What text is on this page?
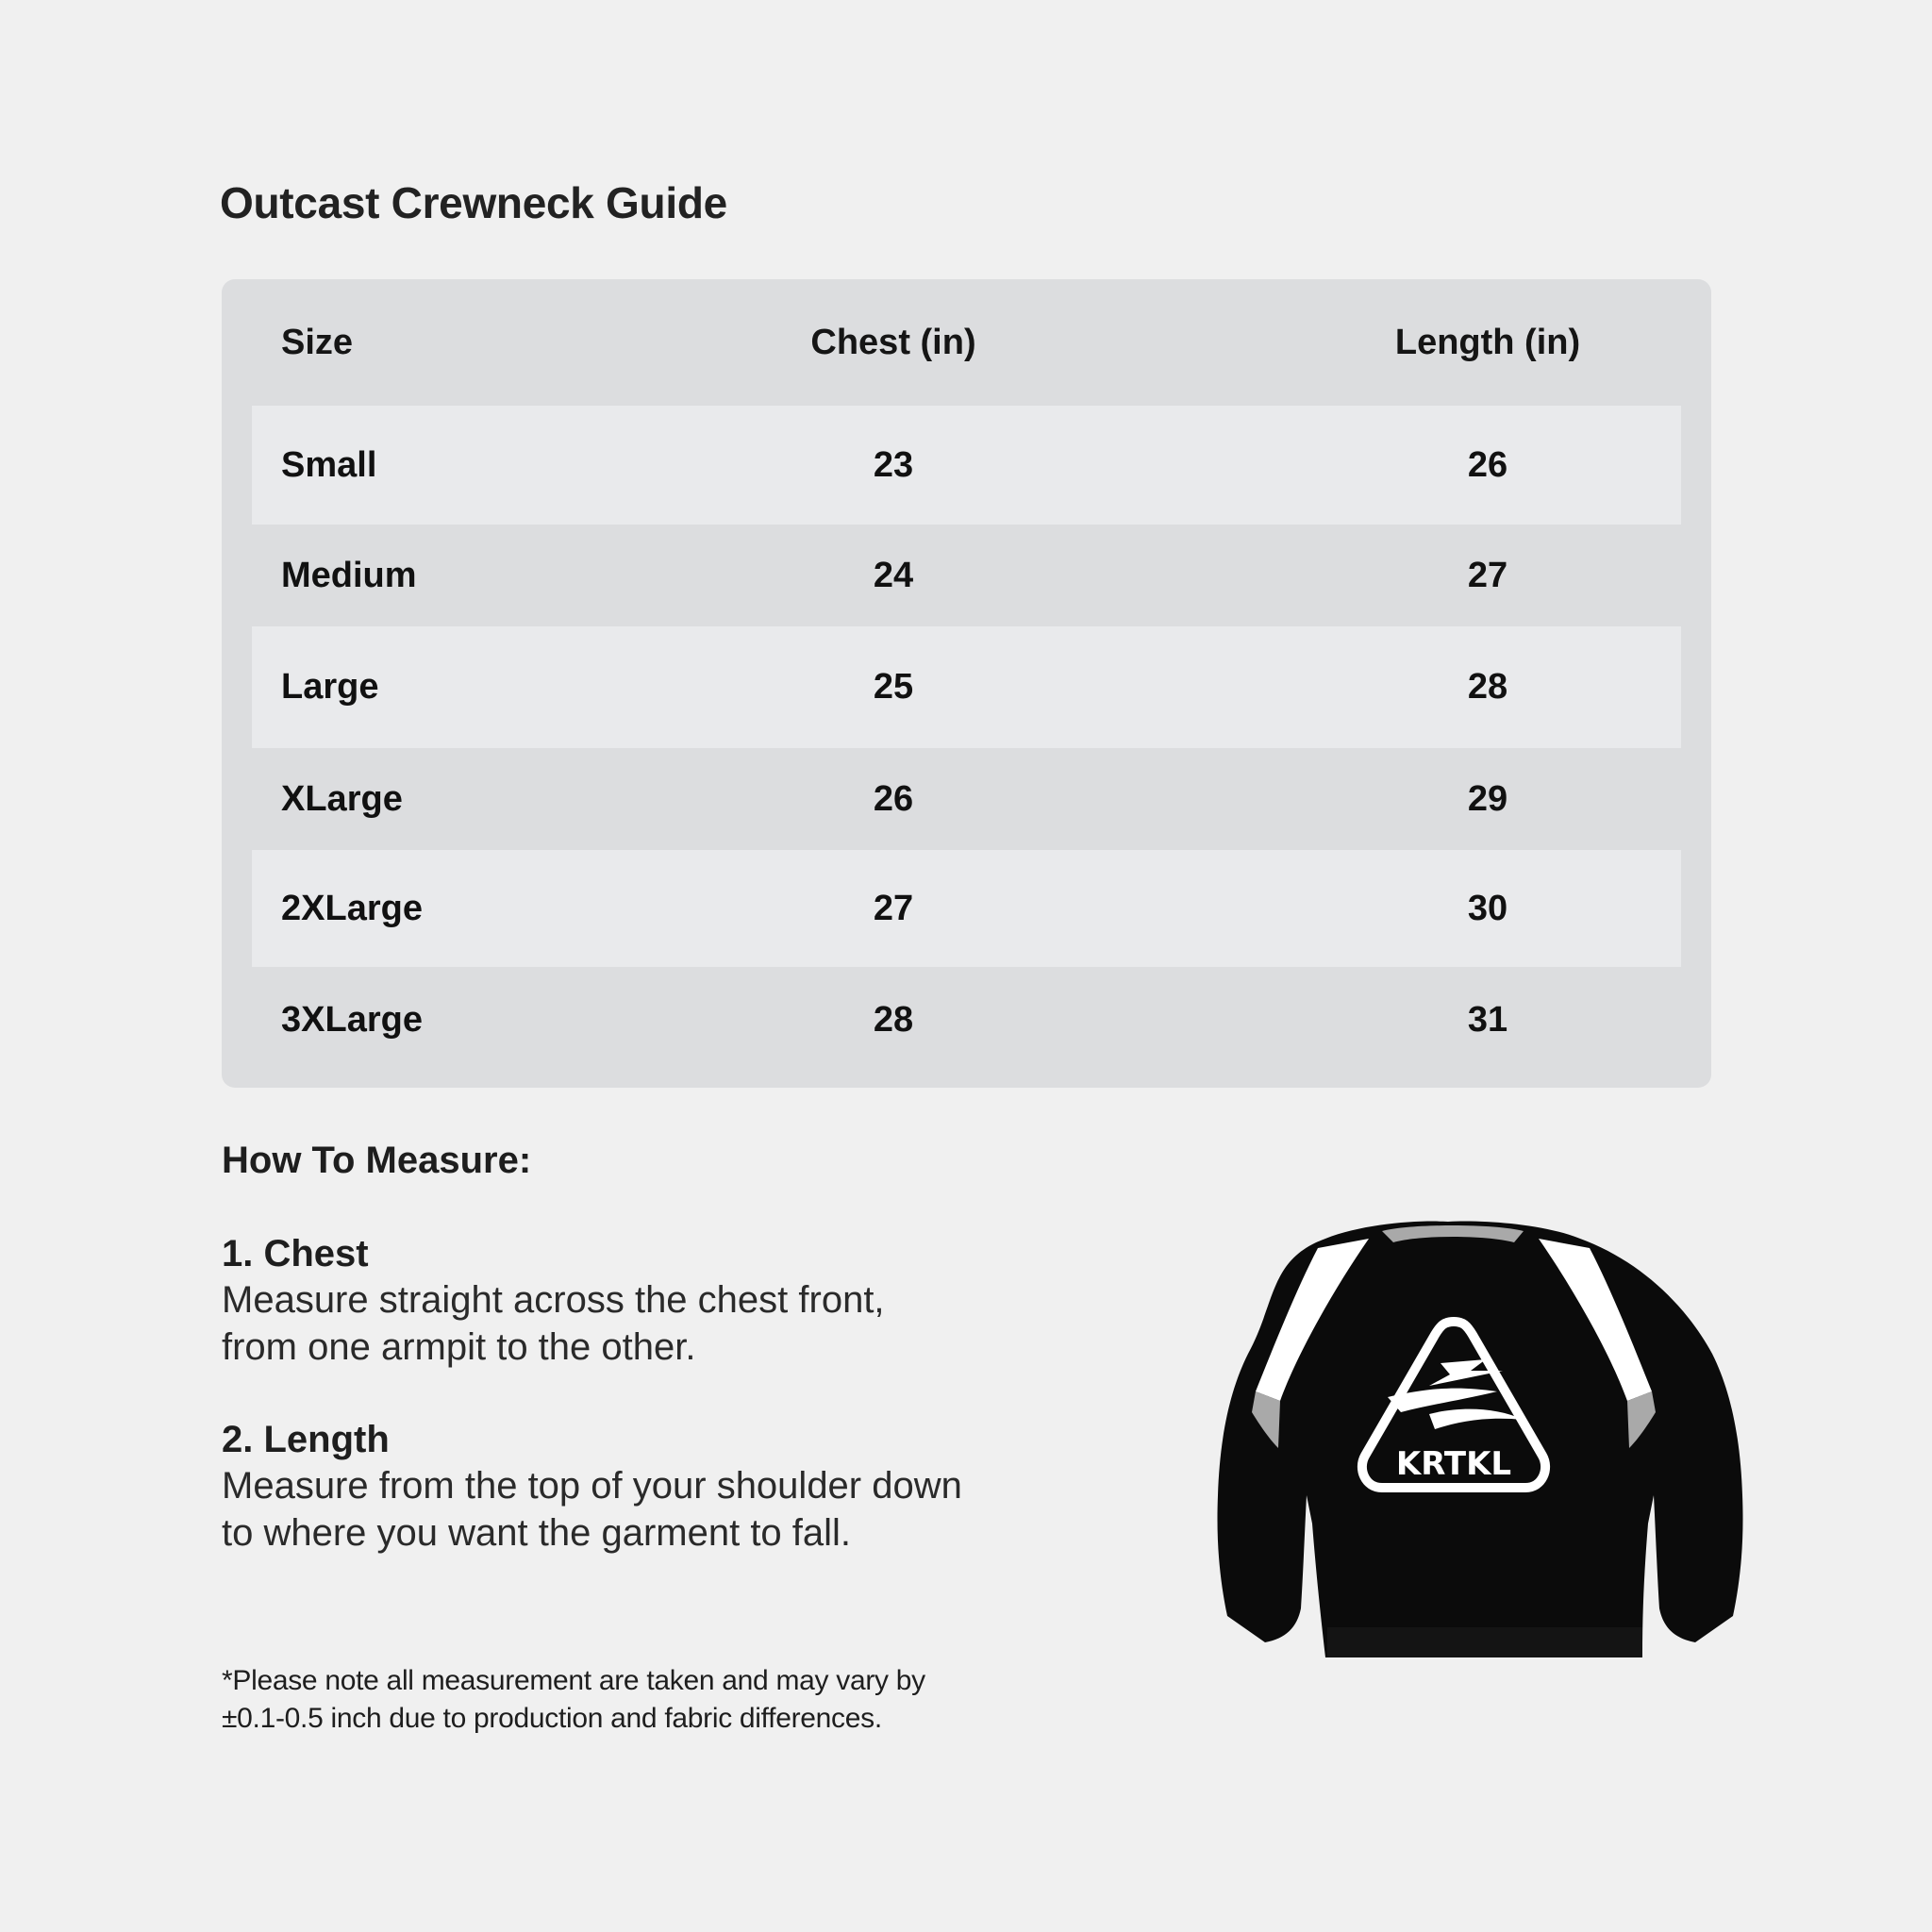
Outcast Crewneck Guide
Size	Chest (in)	Length (in)
Small	23	26
Medium	24	27
Large	25	28
XLarge	26	29
2XLarge	27	30
3XLarge	28	31
How To Measure:
1. Chest
Measure straight across the chest front,
from one armpit to the other.
2. Length
Measure from the top of your shoulder down
to where you want the garment to fall.
*Please note all measurement are taken and may vary by
±0.1-0.5 inch due to production and fabric differences.
KRTKL
